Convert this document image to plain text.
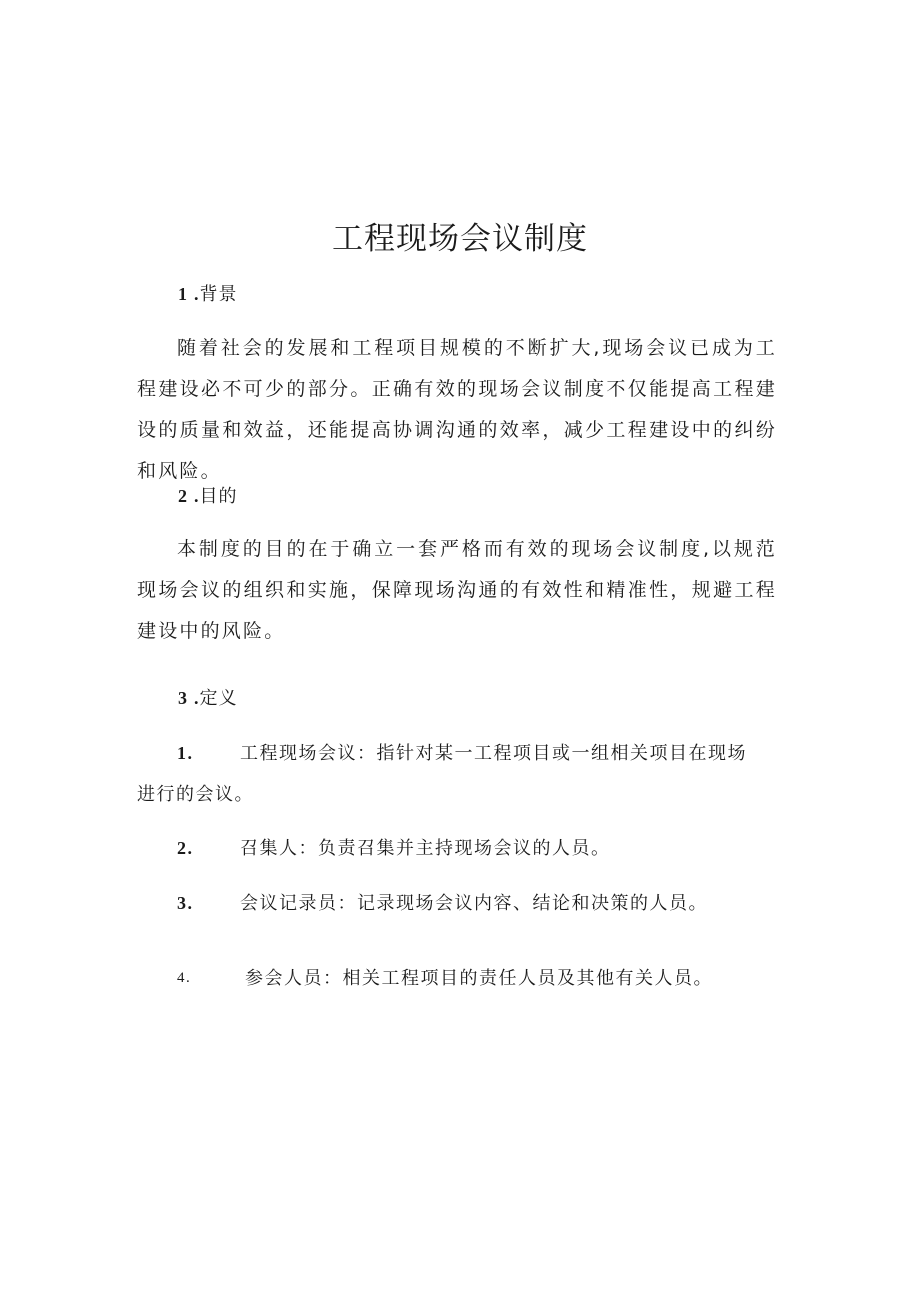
工程现场会议制度
1 .背景

随着社会的发展和工程项目规模的不断扩大,现场会议已成为工程建设必不可少的部分。正确有效的现场会议制度不仅能提高工程建设的质量和效益，还能提高协调沟通的效率，减少工程建设中的纠纷和风险。

2 .目的

本制度的目的在于确立一套严格而有效的现场会议制度,以规范现场会议的组织和实施，保障现场沟通的有效性和精准性，规避工程建设中的风险。

3 .定义
1.	工程现场会议：指针对某一工程项目或一组相关项目在现场进行的会议。
2.	召集人：负责召集并主持现场会议的人员。
3.	会议记录员：记录现场会议内容、结论和决策的人员。
4.	参会人员：相关工程项目的责任人员及其他有关人员。
